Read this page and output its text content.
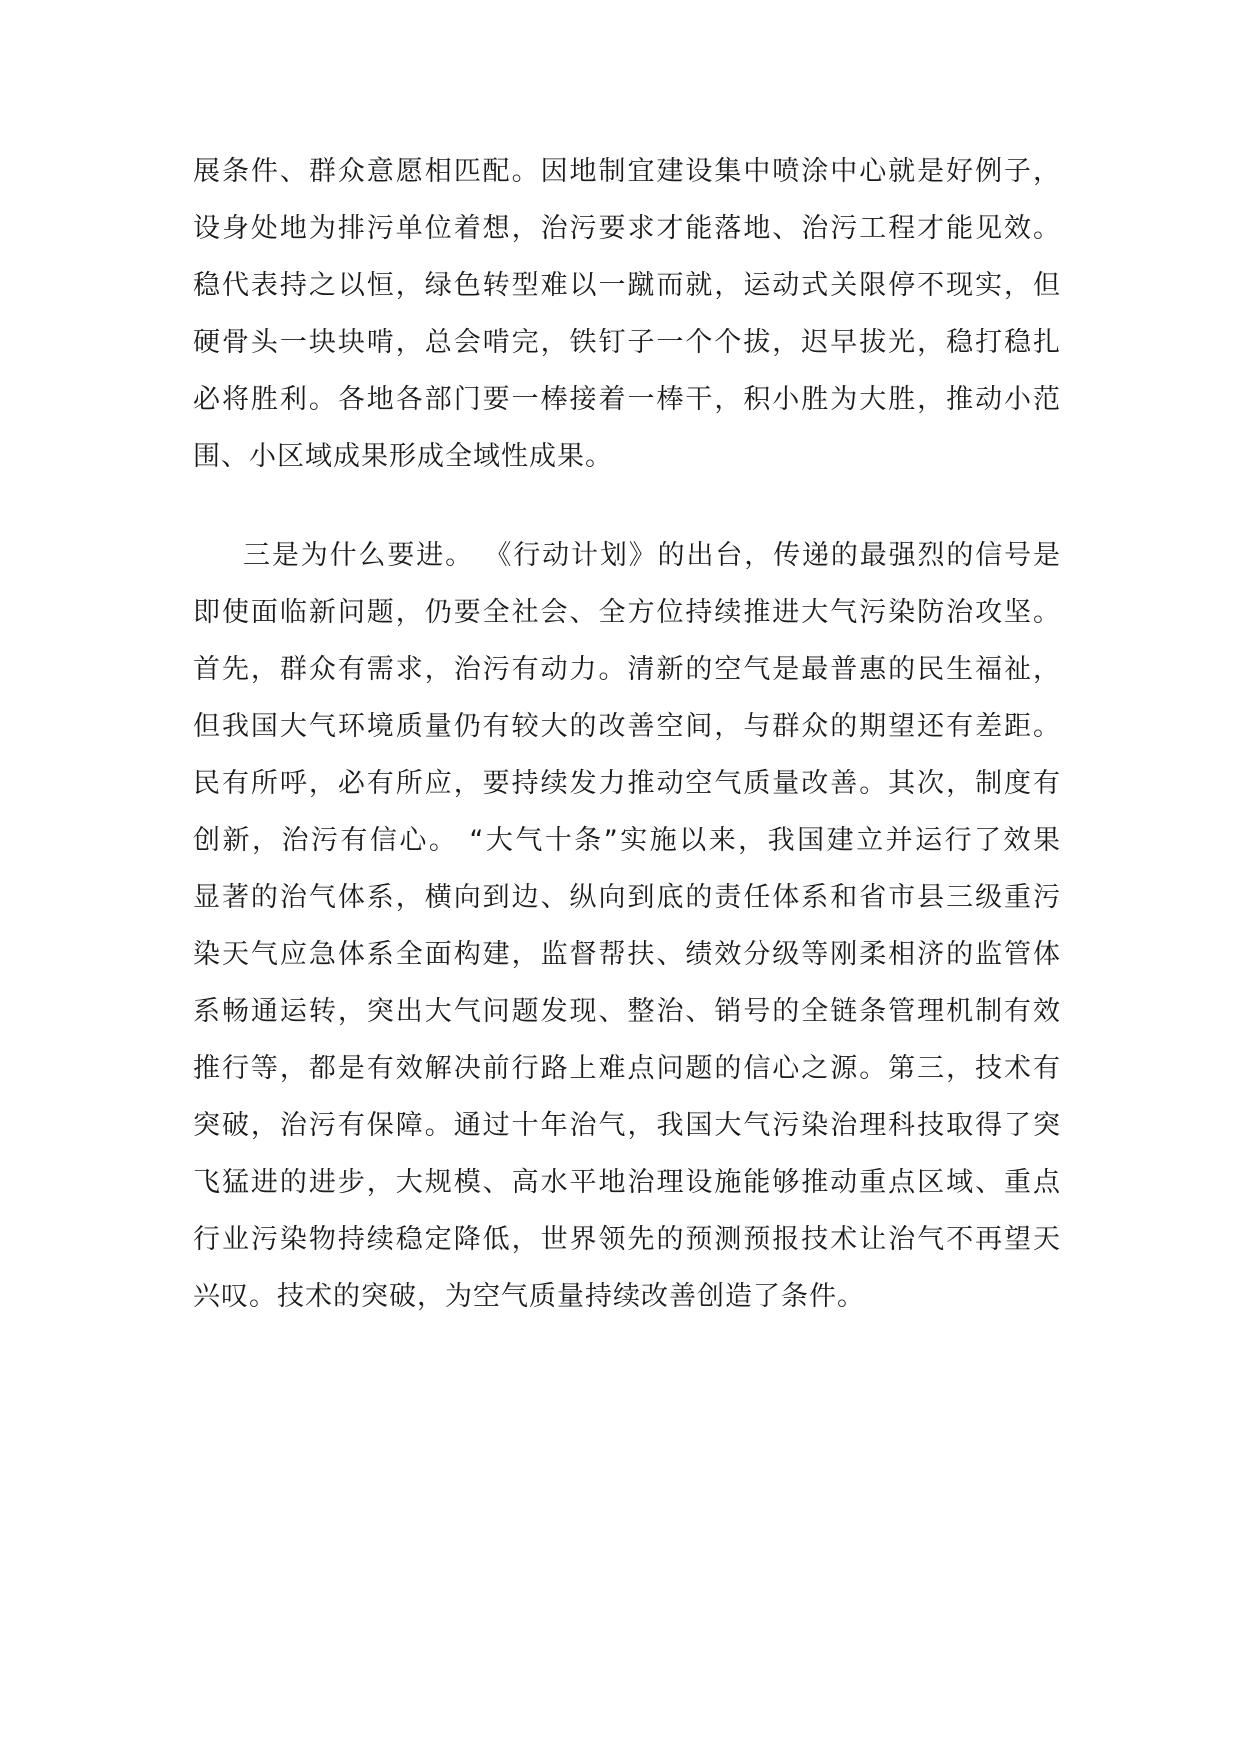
展条件、群众意愿相匹配。因地制宜建设集中喷涂中心就是好例子，
设身处地为排污单位着想，治污要求才能落地、治污工程才能见效。
稳代表持之以恒，绿色转型难以一蹴而就，运动式关限停不现实，但
硬骨头一块块啃，总会啃完，铁钉子一个个拔，迟早拔光，稳打稳扎
必将胜利。各地各部门要一棒接着一棒干，积小胜为大胜，推动小范
围、小区域成果形成全域性成果。
三是为什么要进。 《行动计划》的出台，传递的最强烈的信号是
即使面临新问题，仍要全社会、全方位持续推进大气污染防治攻坚。
首先，群众有需求，治污有动力。清新的空气是最普惠的民生福祉，
但我国大气环境质量仍有较大的改善空间，与群众的期望还有差距。
民有所呼，必有所应，要持续发力推动空气质量改善。其次，制度有
创新，治污有信心。 “大气十条”实施以来，我国建立并运行了效果
显著的治气体系，横向到边、纵向到底的责任体系和省市县三级重污
染天气应急体系全面构建，监督帮扶、绩效分级等刚柔相济的监管体
系畅通运转，突出大气问题发现、整治、销号的全链条管理机制有效
推行等，都是有效解决前行路上难点问题的信心之源。第三，技术有
突破，治污有保障。通过十年治气，我国大气污染治理科技取得了突
飞猛进的进步，大规模、高水平地治理设施能够推动重点区域、重点
行业污染物持续稳定降低，世界领先的预测预报技术让治气不再望天
兴叹。技术的突破，为空气质量持续改善创造了条件。
